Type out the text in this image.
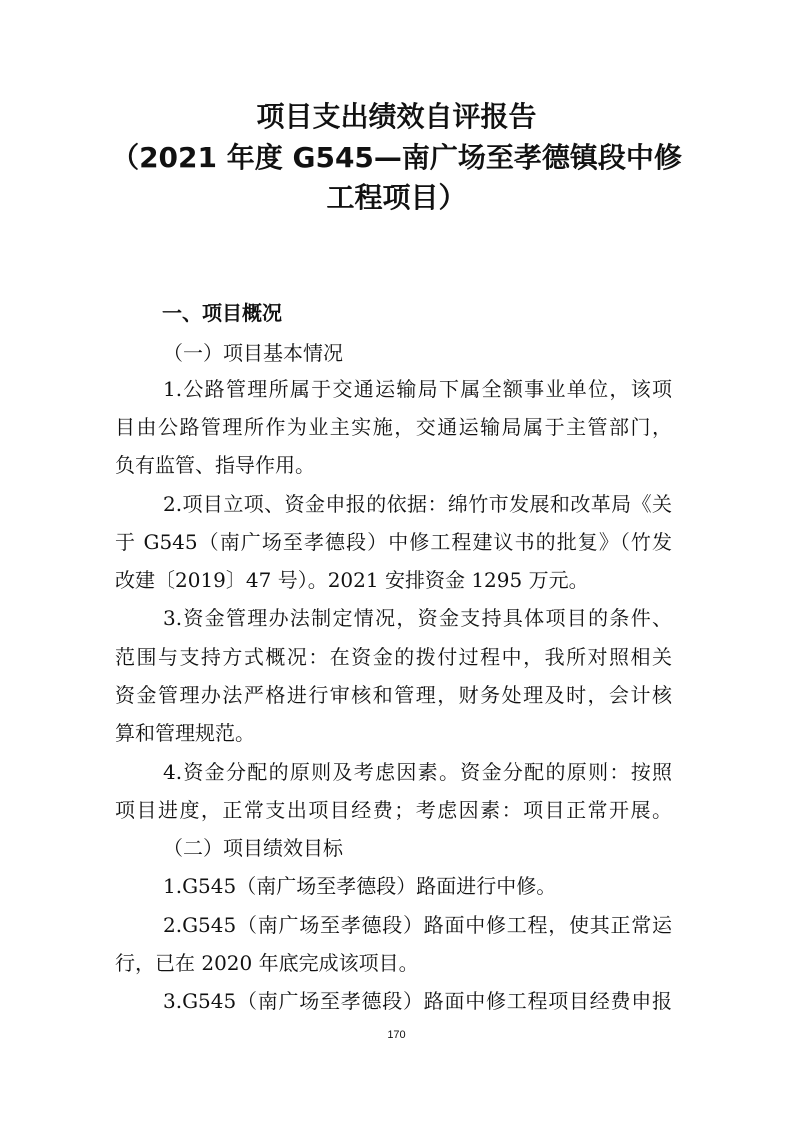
项目支出绩效自评报告
（2021 年度 G545—南广场至孝德镇段中修
工程项目）
一、项目概况
（一）项目基本情况
1.公路管理所属于交通运输局下属全额事业单位，该项
目由公路管理所作为业主实施，交通运输局属于主管部门，
负有监管、指导作用。
2.项目立项、资金申报的依据：绵竹市发展和改革局《关
于 G545（南广场至孝德段）中修工程建议书的批复》（竹发
改建〔2019〕47 号）。2021 安排资金 1295 万元。
3.资金管理办法制定情况，资金支持具体项目的条件、
范围与支持方式概况：在资金的拨付过程中，我所对照相关
资金管理办法严格进行审核和管理，财务处理及时，会计核
算和管理规范。
4.资金分配的原则及考虑因素。资金分配的原则：按照
项目进度，正常支出项目经费；考虑因素：项目正常开展。
（二）项目绩效目标
1.G545（南广场至孝德段）路面进行中修。
2.G545（南广场至孝德段）路面中修工程，使其正常运
行，已在 2020 年底完成该项目。
3.G545（南广场至孝德段）路面中修工程项目经费申报
170
